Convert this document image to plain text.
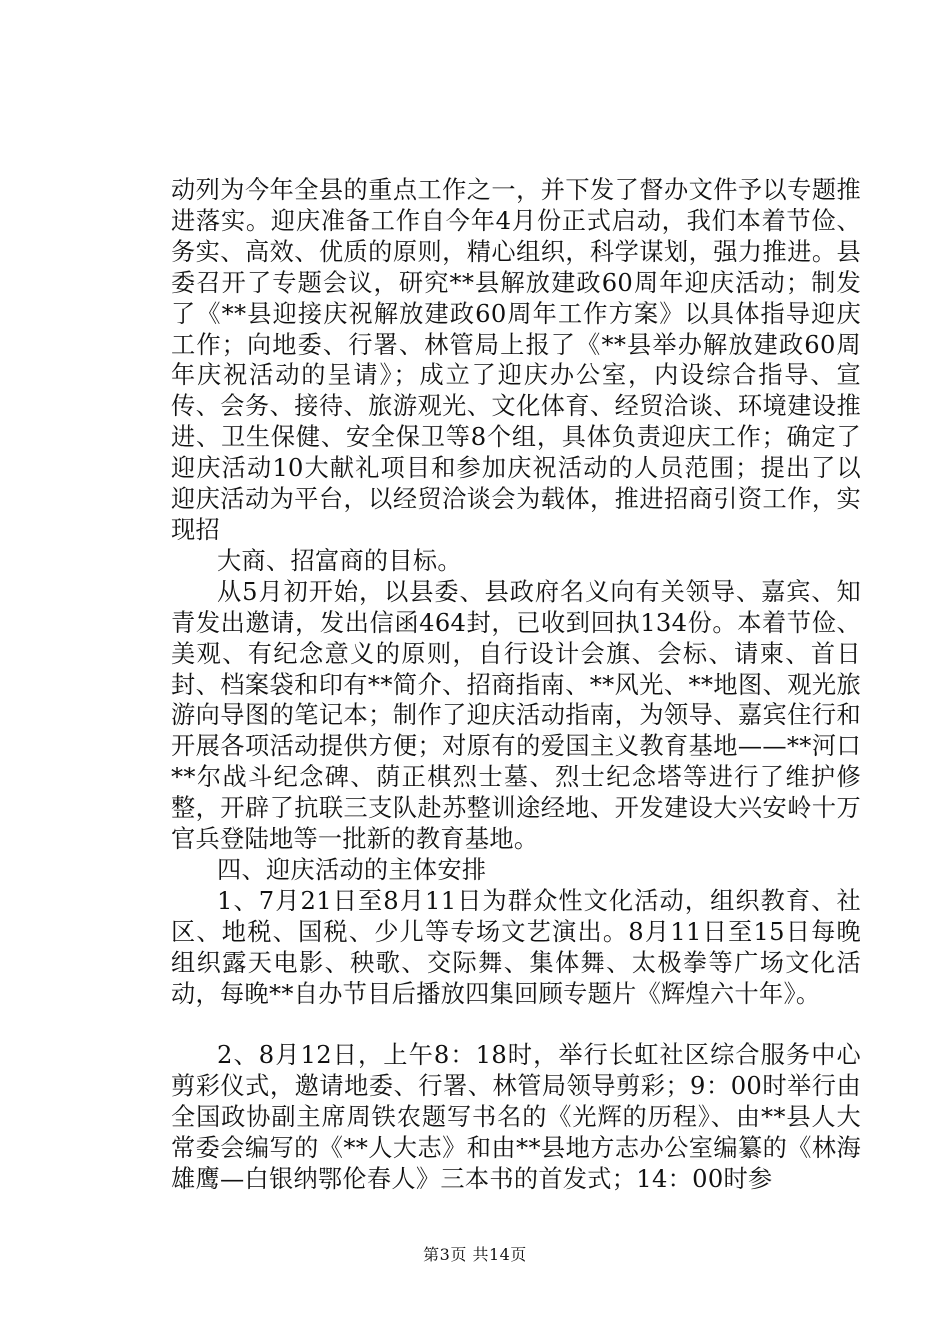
动列为今年全县的重点工作之一，并下发了督办文件予以专题推进落实。迎庆准备工作自今年4月份正式启动，我们本着节俭、务实、高效、优质的原则，精心组织，科学谋划，强力推进。县委召开了专题会议，研究**县解放建政60周年迎庆活动；制发了《**县迎接庆祝解放建政60周年工作方案》以具体指导迎庆工作；向地委、行署、林管局上报了《**县举办解放建政60周年庆祝活动的呈请》；成立了迎庆办公室，内设综合指导、宣传、会务、接待、旅游观光、文化体育、经贸洽谈、环境建设推进、卫生保健、安全保卫等8个组，具体负责迎庆工作；确定了迎庆活动10大献礼项目和参加庆祝活动的人员范围；提出了以迎庆活动为平台，以经贸洽谈会为载体，推进招商引资工作，实现招

大商、招富商的目标。

从5月初开始，以县委、县政府名义向有关领导、嘉宾、知青发出邀请，发出信函464封，已收到回执134份。本着节俭、美观、有纪念意义的原则，自行设计会旗、会标、请柬、首日封、档案袋和印有**简介、招商指南、**风光、**地图、观光旅游向导图的笔记本；制作了迎庆活动指南，为领导、嘉宾住行和开展各项活动提供方便；对原有的爱国主义教育基地——**河口**尔战斗纪念碑、荫正棋烈士墓、烈士纪念塔等进行了维护修整，开辟了抗联三支队赴苏整训途经地、开发建设大兴安岭十万官兵登陆地等一批新的教育基地。

四、迎庆活动的主体安排

1、7月21日至8月11日为群众性文化活动，组织教育、社区、地税、国税、少儿等专场文艺演出。8月11日至15日每晚组织露天电影、秧歌、交际舞、集体舞、太极拳等广场文化活动，每晚**自办节目后播放四集回顾专题片《辉煌六十年》。

2、8月12日，上午8：18时，举行长虹社区综合服务中心剪彩仪式，邀请地委、行署、林管局领导剪彩；9：00时举行由全国政协副主席周铁农题写书名的《光辉的历程》、由**县人大常委会编写的《**人大志》和由**县地方志办公室编纂的《林海雄鹰—白银纳鄂伦春人》三本书的首发式；14：00时参

第3页 共14页
